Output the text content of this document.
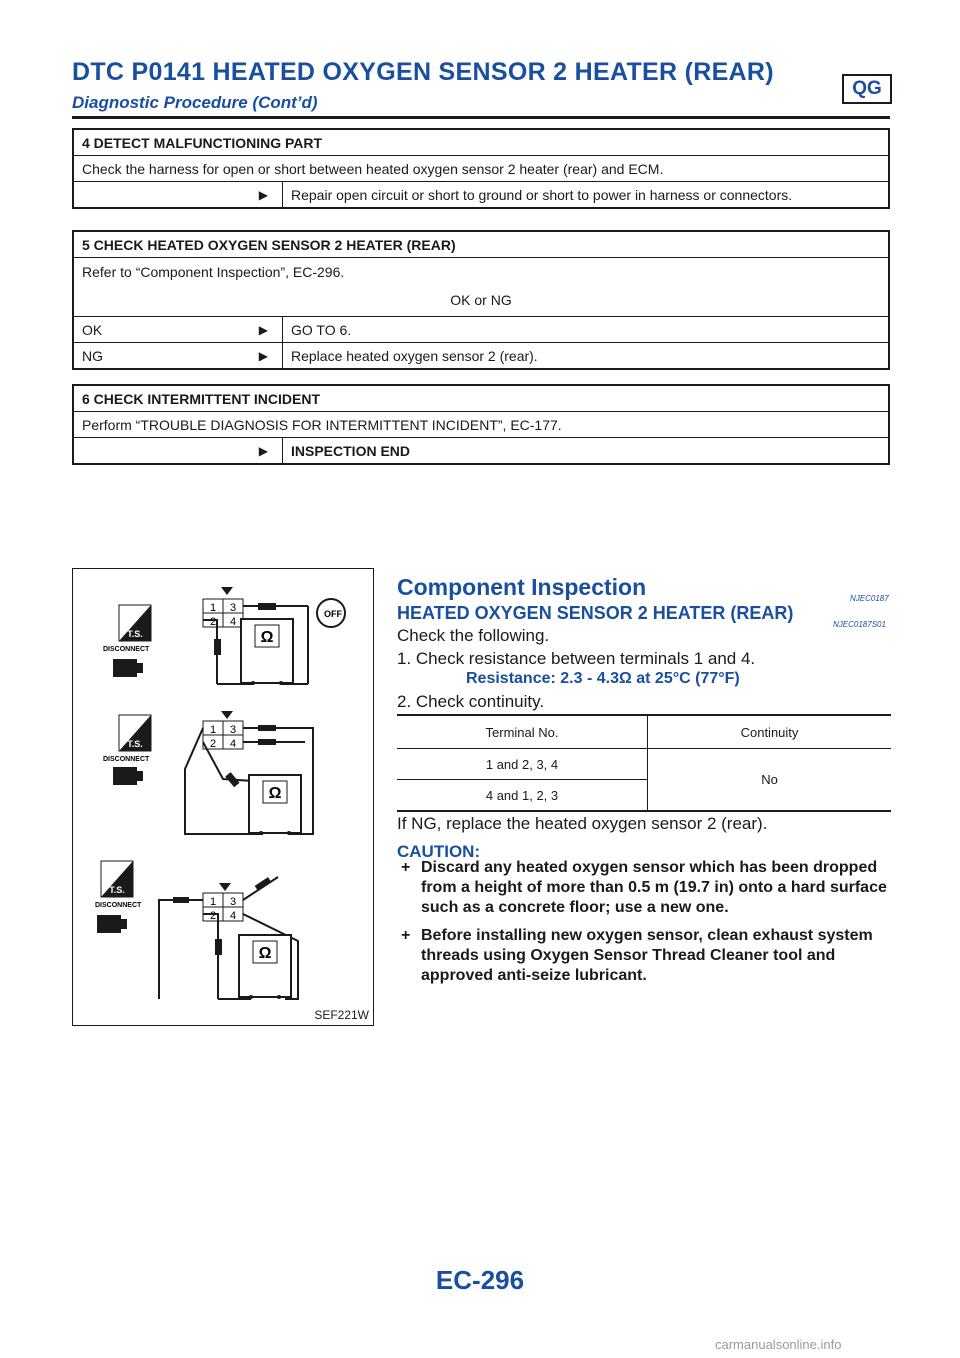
DTC P0141 HEATED OXYGEN SENSOR 2 HEATER (REAR)
QG
Diagnostic Procedure (Cont’d)
4 DETECT MALFUNCTIONING PART
Check the harness for open or short between heated oxygen sensor 2 heater (rear) and ECM.
	▶	Repair open circuit or short to ground or short to power in harness or connectors.
5 CHECK HEATED OXYGEN SENSOR 2 HEATER (REAR)		

Refer to “Component Inspection”, EC-296.
OK or NG		

OK	▶	GO TO 6.
NG	▶	Replace heated oxygen sensor 2 (rear).
6 CHECK INTERMITTENT INCIDENT
Perform “TROUBLE DIAGNOSIS FOR INTERMITTENT INCIDENT”, EC-177.
	▶	INSPECTION END
T.S.
DISCONNECT
1 3
2 4
Ω
OFF
T.S.
DISCONNECT
1 3
2 4
Ω
T.S.
DISCONNECT	1 3
2 4
Ω
SEF221W
Component Inspection	NJEC0187
HEATED OXYGEN SENSOR 2 HEATER (REAR)
NJEC0187S01
Check the following.
1. Check resistance between terminals 1 and 4.
Resistance: 2.3 - 4.3Ω at 25°C (77°F)
2. Check continuity.
Terminal No.	Continuity
1 and 2, 3, 4	No
4 and 1, 2, 3	
If NG, replace the heated oxygen sensor 2 (rear).
CAUTION:
+ Discard any heated oxygen sensor which has been dropped from a height of more than 0.5 m (19.7 in) onto a hard surface such as a concrete floor; use a new one.
+ Before installing new oxygen sensor, clean exhaust system threads using Oxygen Sensor Thread Cleaner tool and approved anti-seize lubricant.
EC-296
carmanualsonline.info
